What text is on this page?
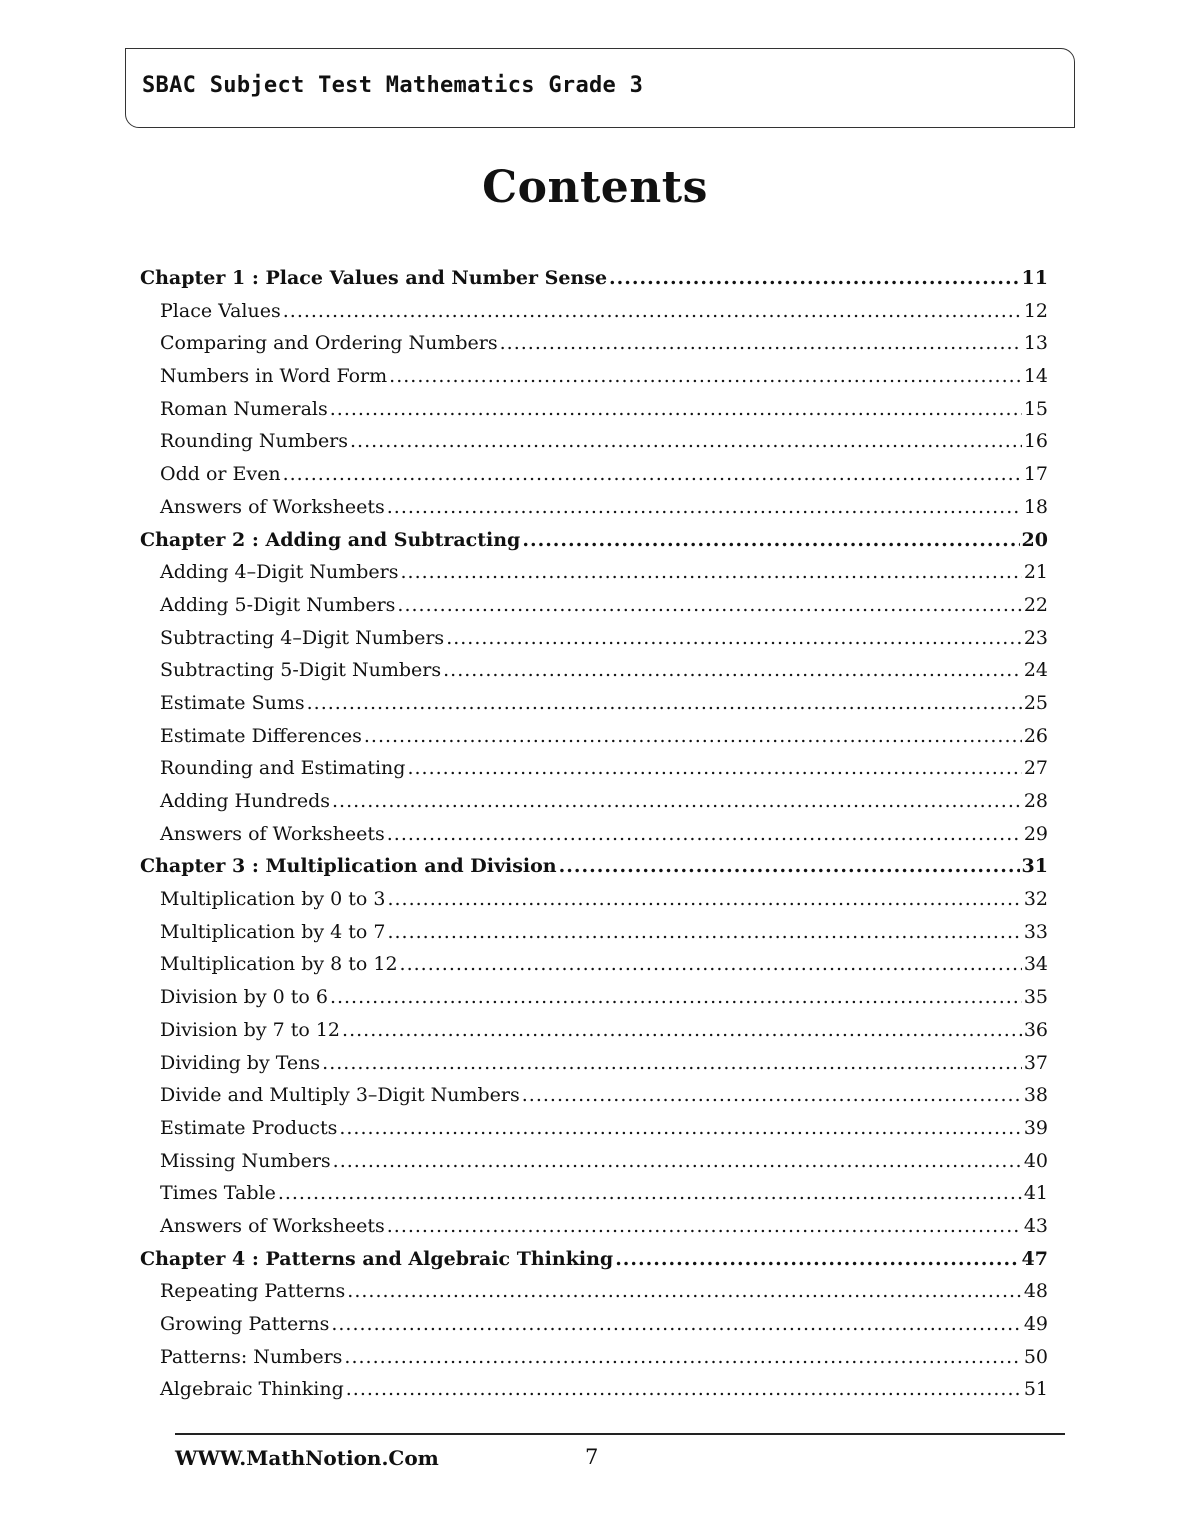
SBAC Subject Test Mathematics Grade 3
Contents
Chapter 1 : Place Values and Number Sense .....	11
Place Values .....	12
Comparing and Ordering Numbers .....	13
Numbers in Word Form .....	14
Roman Numerals .....	15
Rounding Numbers .....	16
Odd or Even .....	17
Answers of Worksheets .....	18
Chapter 2 : Adding and Subtracting .....	20
Adding 4–Digit Numbers .....	21
Adding 5-Digit Numbers .....	22
Subtracting 4–Digit Numbers .....	23
Subtracting 5-Digit Numbers .....	24
Estimate Sums .....	25
Estimate Differences .....	26
Rounding and Estimating .....	27
Adding Hundreds .....	28
Answers of Worksheets .....	29
Chapter 3 : Multiplication and Division .....	31
Multiplication by 0 to 3 .....	32
Multiplication by 4 to 7 .....	33
Multiplication by 8 to 12 .....	34
Division by 0 to 6 .....	35
Division by 7 to 12 .....	36
Dividing by Tens .....	37
Divide and Multiply 3–Digit Numbers .....	38
Estimate Products .....	39
Missing Numbers .....	40
Times Table .....	41
Answers of Worksheets .....	43
Chapter 4 : Patterns and Algebraic Thinking .....	47
Repeating Patterns .....	48
Growing Patterns .....	49
Patterns: Numbers .....	50
Algebraic Thinking .....	51
WWW.MathNotion.Com	7
